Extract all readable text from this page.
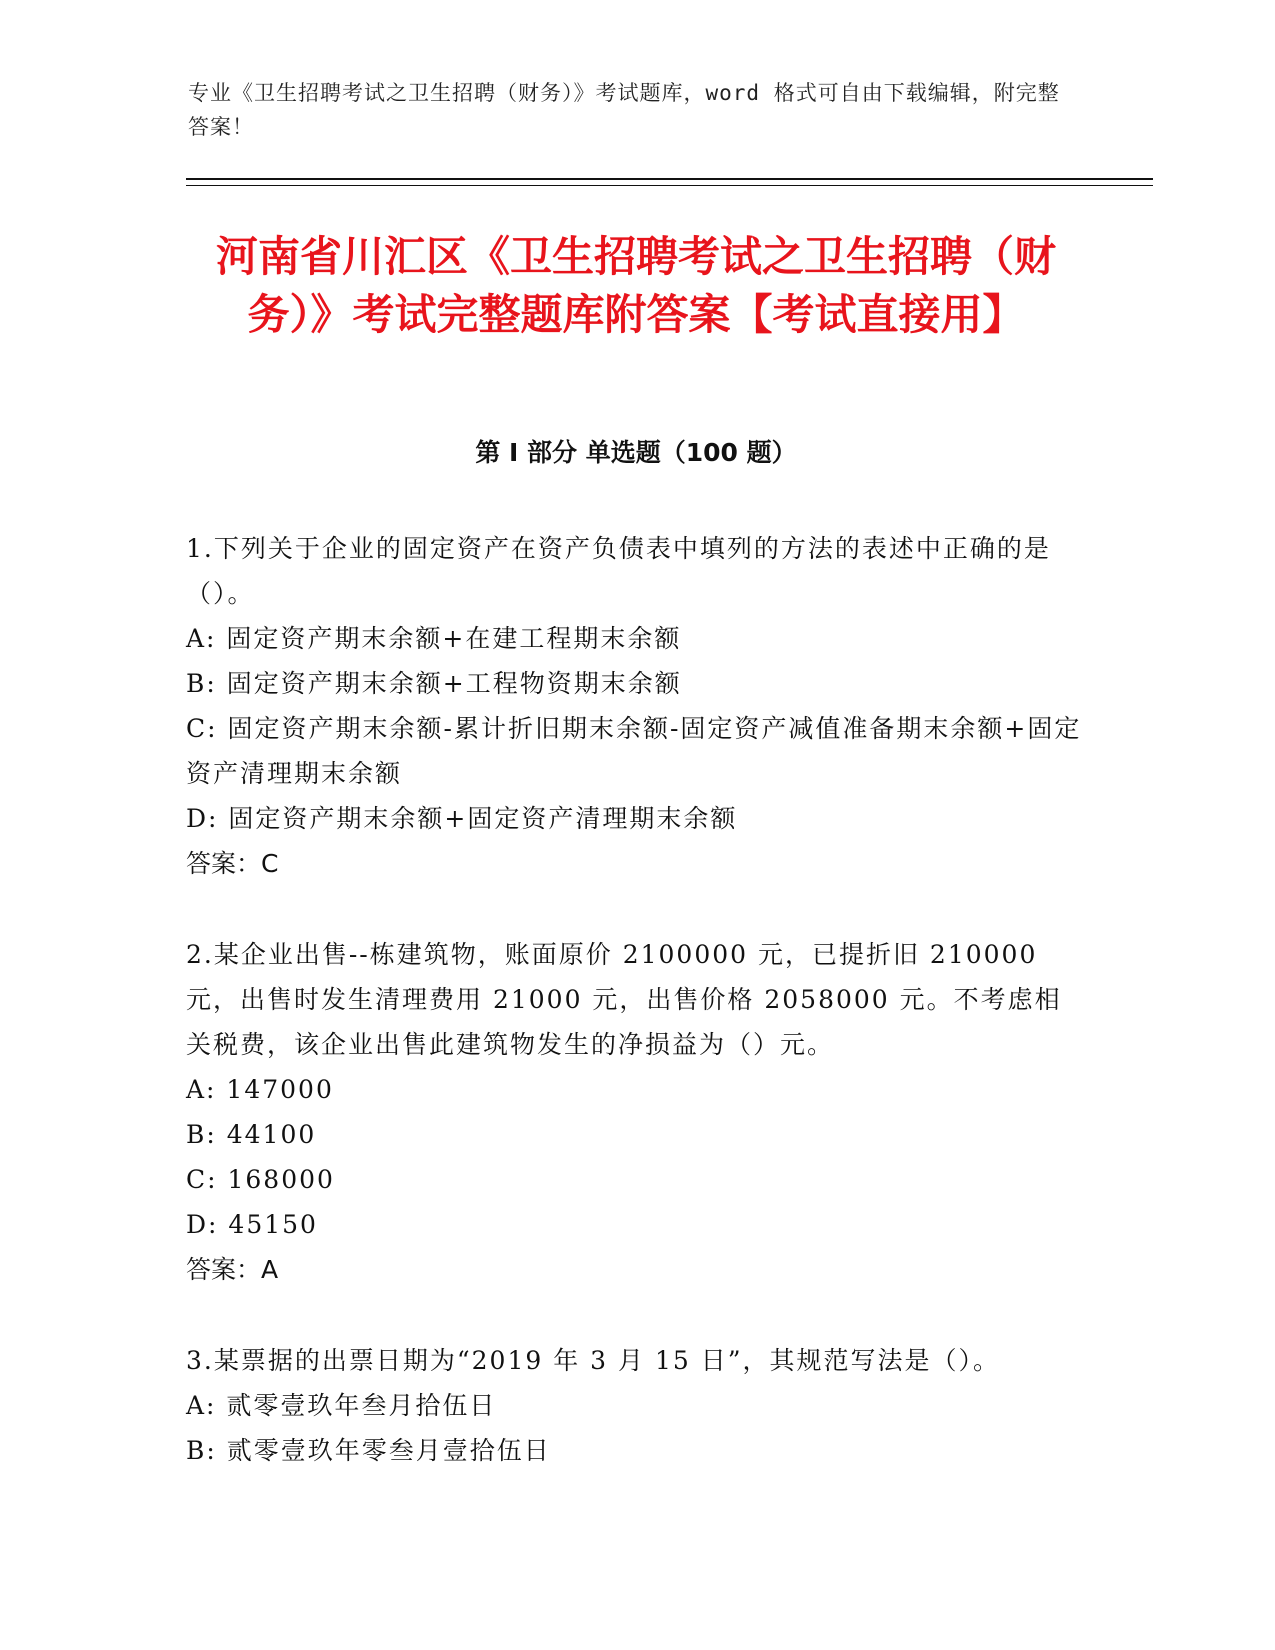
专业《卫生招聘考试之卫生招聘（财务）》考试题库，word 格式可自由下载编辑，附完整答案！
河南省川汇区《卫生招聘考试之卫生招聘（财务）》考试完整题库附答案【考试直接用】
第 I 部分 单选题（100 题）

1.下列关于企业的固定资产在资产负债表中填列的方法的表述中正确的是（）。

A: 固定资产期末余额+在建工程期末余额

B: 固定资产期末余额+工程物资期末余额

C: 固定资产期末余额-累计折旧期末余额-固定资产减值准备期末余额+固定资产清理期末余额

D: 固定资产期末余额+固定资产清理期末余额

答案：C

2.某企业出售--栋建筑物，账面原价 2100000 元，已提折旧 210000 元，出售时发生清理费用 21000 元，出售价格 2058000 元。不考虑相关税费，该企业出售此建筑物发生的净损益为（）元。

A: 147000

B: 44100

C: 168000

D: 45150

答案：A

3.某票据的出票日期为“2019 年 3 月 15 日”，其规范写法是（）。

A: 贰零壹玖年叁月拾伍日

B: 贰零壹玖年零叁月壹拾伍日
